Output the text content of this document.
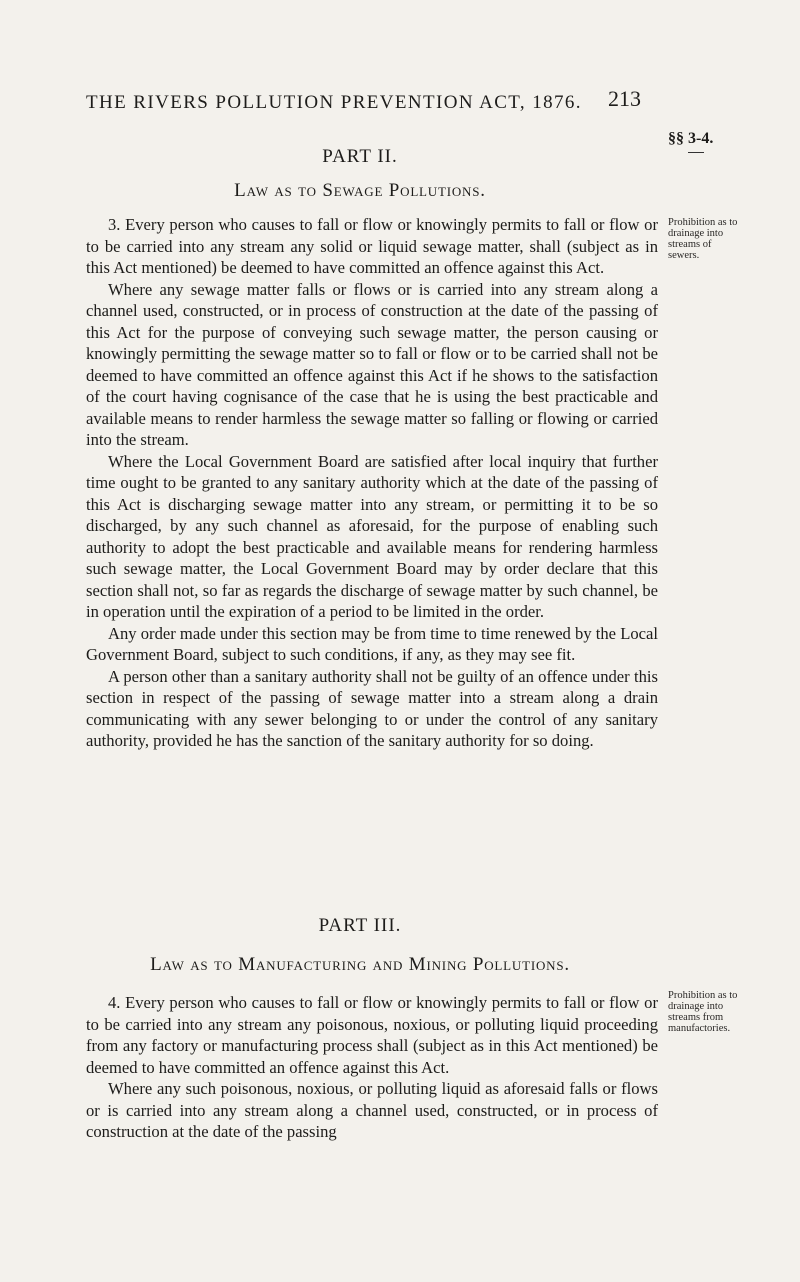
THE RIVERS POLLUTION PREVENTION ACT, 1876.	213
§§ 3-4.
PART II.
Law as to Sewage Pollutions.
Prohibition as to
drainage into
streams of
sewers.

3. Every person who causes to fall or flow or knowingly permits to fall or flow or to be carried into any stream any solid or liquid sewage matter, shall (subject as in this Act mentioned) be deemed to have committed an offence against this Act.

Where any sewage matter falls or flows or is carried into any stream along a channel used, constructed, or in process of construction at the date of the passing of this Act for the purpose of conveying such sewage matter, the person causing or knowingly permitting the sewage matter so to fall or flow or to be carried shall not be deemed to have committed an offence against this Act if he shows to the satisfaction of the court having cognisance of the case that he is using the best practicable and available means to render harmless the sewage matter so falling or flowing or carried into the stream.

Where the Local Government Board are satisfied after local inquiry that further time ought to be granted to any sanitary authority which at the date of the passing of this Act is discharging sewage matter into any stream, or permitting it to be so discharged, by any such channel as aforesaid, for the purpose of enabling such authority to adopt the best practicable and available means for rendering harmless such sewage matter, the Local Government Board may by order declare that this section shall not, so far as regards the discharge of sewage matter by such channel, be in operation until the expiration of a period to be limited in the order.

Any order made under this section may be from time to time renewed by the Local Government Board, subject to such conditions, if any, as they may see fit.

A person other than a sanitary authority shall not be guilty of an offence under this section in respect of the passing of sewage matter into a stream along a drain communicating with any sewer belonging to or under the control of any sanitary authority, provided he has the sanction of the sanitary authority for so doing.

PART III.
Law as to Manufacturing and Mining Pollutions.
Prohibition as to
drainage into
streams from
manufactories.

4. Every person who causes to fall or flow or knowingly permits to fall or flow or to be carried into any stream any poisonous, noxious, or polluting liquid proceeding from any factory or manufacturing process shall (subject as in this Act mentioned) be deemed to have committed an offence against this Act.

Where any such poisonous, noxious, or polluting liquid as aforesaid falls or flows or is carried into any stream along a channel used, constructed, or in process of construction at the date of the passing
